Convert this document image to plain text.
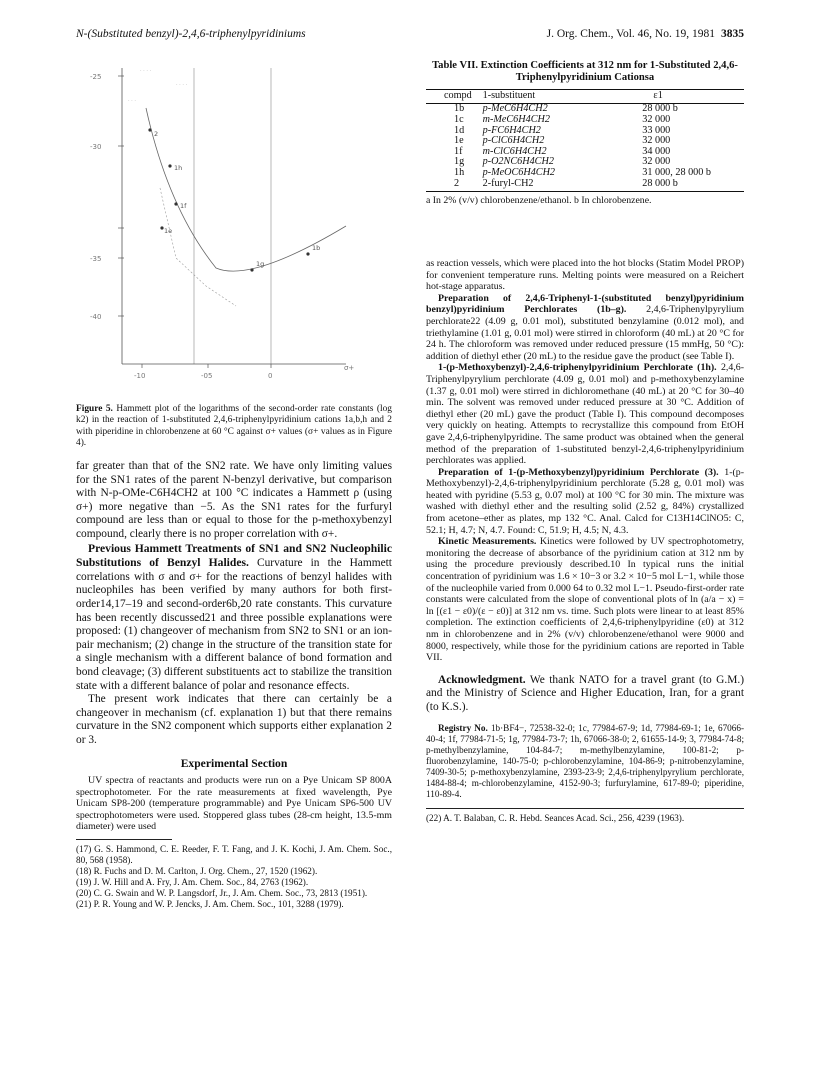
N-(Substituted benzyl)-2,4,6-triphenylpyridiniums	J. Org. Chem., Vol. 46, No. 19, 1981 3835
-25
-30
-35
-40
-10	-05	0
σ+
· · · ·
· · · ·
· · ·
2
1h
1e
1f
1g
1b
Figure 5. Hammett plot of the logarithms of the second-order rate constants (log k2) in the reaction of 1-substituted 2,4,6-triphenylpyridinium cations 1a,b,h and 2 with piperidine in chlorobenzene at 60 °C against σ+ values (σ+ values as in Figure 4).

far greater than that of the SN2 rate. We have only limiting values for the SN1 rates of the parent N-benzyl derivative, but comparison with N-p-OMe-C6H4CH2 at 100 °C indicates a Hammett ρ (using σ+) more negative than −5. As the SN1 rates for the furfuryl compound are less than or equal to those for the p-methoxybenzyl compound, clearly there is no proper correlation with σ+.

Previous Hammett Treatments of SN1 and SN2 Nucleophilic Substitutions of Benzyl Halides. Curvature in the Hammett correlations with σ and σ+ for the reactions of benzyl halides with nucleophiles has been verified by many authors for both first-order14,17–19 and second-order6b,20 rate constants. This curvature has been recently discussed21 and three possible explanations were proposed: (1) changeover of mechanism from SN2 to SN1 or an ion-pair mechanism; (2) change in the structure of the transition state for a single mechanism with a different balance of bond formation and bond cleavage; (3) different substituents act to stabilize the transition state with a different balance of polar and resonance effects.

The present work indicates that there can certainly be a changeover in mechanism (cf. explanation 1) but that there remains curvature in the SN2 component which supports either explanation 2 or 3.

Experimental Section

UV spectra of reactants and products were run on a Pye Unicam SP 800A spectrophotometer. For the rate measurements at fixed wavelength, Pye Unicam SP8-200 (temperature programmable) and Pye Unicam SP6-500 UV spectrophotometers were used. Stoppered glass tubes (28-cm height, 13.5-mm diameter) were used

(17) G. S. Hammond, C. E. Reeder, F. T. Fang, and J. K. Kochi, J. Am. Chem. Soc., 80, 568 (1958).

(18) R. Fuchs and D. M. Carlton, J. Org. Chem., 27, 1520 (1962).

(19) J. W. Hill and A. Fry, J. Am. Chem. Soc., 84, 2763 (1962).

(20) C. G. Swain and W. P. Langsdorf, Jr., J. Am. Chem. Soc., 73, 2813 (1951).

(21) P. R. Young and W. P. Jencks, J. Am. Chem. Soc., 101, 3288 (1979).

Table VII. Extinction Coefficients at 312 nm for 1-Substituted 2,4,6-Triphenylpyridinium Cationsa
compd	1-substituent	ε1
1b	p-MeC6H4CH2	28 000 b
1c	m-MeC6H4CH2	32 000
1d	p-FC6H4CH2	33 000
1e	p-ClC6H4CH2	32 000
1f	m-ClC6H4CH2	34 000
1g	p-O2NC6H4CH2	32 000
1h	p-MeOC6H4CH2	31 000, 28 000 b
2	2-furyl-CH2	28 000 b
a In 2% (v/v) chlorobenzene/ethanol. b In chlorobenzene.

as reaction vessels, which were placed into the hot blocks (Statim Model PROP) for convenient temperature runs. Melting points were measured on a Reichert hot-stage apparatus.

Preparation of 2,4,6-Triphenyl-1-(substituted benzyl)pyridinium benzyl)pyridinium Perchlorates (1b–g). 2,4,6-Triphenylpyrylium perchlorate22 (4.09 g, 0.01 mol), substituted benzylamine (0.012 mol), and triethylamine (1.01 g, 0.01 mol) were stirred in chloroform (40 mL) at 20 °C for 24 h. The chloroform was removed under reduced pressure (15 mmHg, 50 °C): addition of diethyl ether (20 mL) to the residue gave the product (see Table I).

1-(p-Methoxybenzyl)-2,4,6-triphenylpyridinium Perchlorate (1h). 2,4,6-Triphenylpyrylium perchlorate (4.09 g, 0.01 mol) and p-methoxybenzylamine (1.37 g, 0.01 mol) were stirred in dichloromethane (40 mL) at 20 °C for 30–40 min. The solvent was removed under reduced pressure at 30 °C. Addition of diethyl ether (20 mL) gave the product (Table I). This compound decomposes very quickly on heating. Attempts to recrystallize this compound from EtOH gave 2,4,6-triphenylpyridine. The same product was obtained when the general method of the preparation of 1-substituted benzyl-2,4,6-triphenylpyridinium perchlorates was applied.

Preparation of 1-(p-Methoxybenzyl)pyridinium Perchlorate (3). 1-(p-Methoxybenzyl)-2,4,6-triphenylpyridinium perchlorate (5.28 g, 0.01 mol) was heated with pyridine (5.53 g, 0.07 mol) at 100 °C for 30 min. The mixture was washed with diethyl ether and the resulting solid (2.52 g, 84%) crystallized from acetone–ether as plates, mp 132 °C. Anal. Calcd for C13H14ClNO5: C, 52.1; H, 4.7; N, 4.7. Found: C, 51.9; H, 4.5; N, 4.3.

Kinetic Measurements. Kinetics were followed by UV spectrophotometry, monitoring the decrease of absorbance of the pyridinium cation at 312 nm by using the procedure previously described.10 In typical runs the initial concentration of pyridinium was 1.6 × 10−3 or 3.2 × 10−5 mol L−1, while those of the nucleophile varied from 0.000 64 to 0.32 mol L−1. Pseudo-first-order rate constants were calculated from the slope of conventional plots of ln (a/a − x) = ln [(ε1 − ε0)/(ε − ε0)] at 312 nm vs. time. Such plots were linear to at least 85% completion. The extinction coefficients of 2,4,6-triphenylpyridine (ε0) at 312 nm in chlorobenzene and in 2% (v/v) chlorobenzene/ethanol were 9000 and 8000, respectively, while those for the pyridinium cations are reported in Table VII.

Acknowledgment. We thank NATO for a travel grant (to G.M.) and the Ministry of Science and Higher Education, Iran, for a grant (to K.S.).

Registry No. 1b·BF4−, 72538-32-0; 1c, 77984-67-9; 1d, 77984-69-1; 1e, 67066-40-4; 1f, 77984-71-5; 1g, 77984-73-7; 1h, 67066-38-0; 2, 61655-14-9; 3, 77984-74-8; p-methylbenzylamine, 104-84-7; m-methylbenzylamine, 100-81-2; p-fluorobenzylamine, 140-75-0; p-chlorobenzylamine, 104-86-9; p-nitrobenzylamine, 7409-30-5; p-methoxybenzylamine, 2393-23-9; 2,4,6-triphenylpyrylium perchlorate, 1484-88-4; m-chlorobenzylamine, 4152-90-3; furfurylamine, 617-89-0; piperidine, 110-89-4.

(22) A. T. Balaban, C. R. Hebd. Seances Acad. Sci., 256, 4239 (1963).
